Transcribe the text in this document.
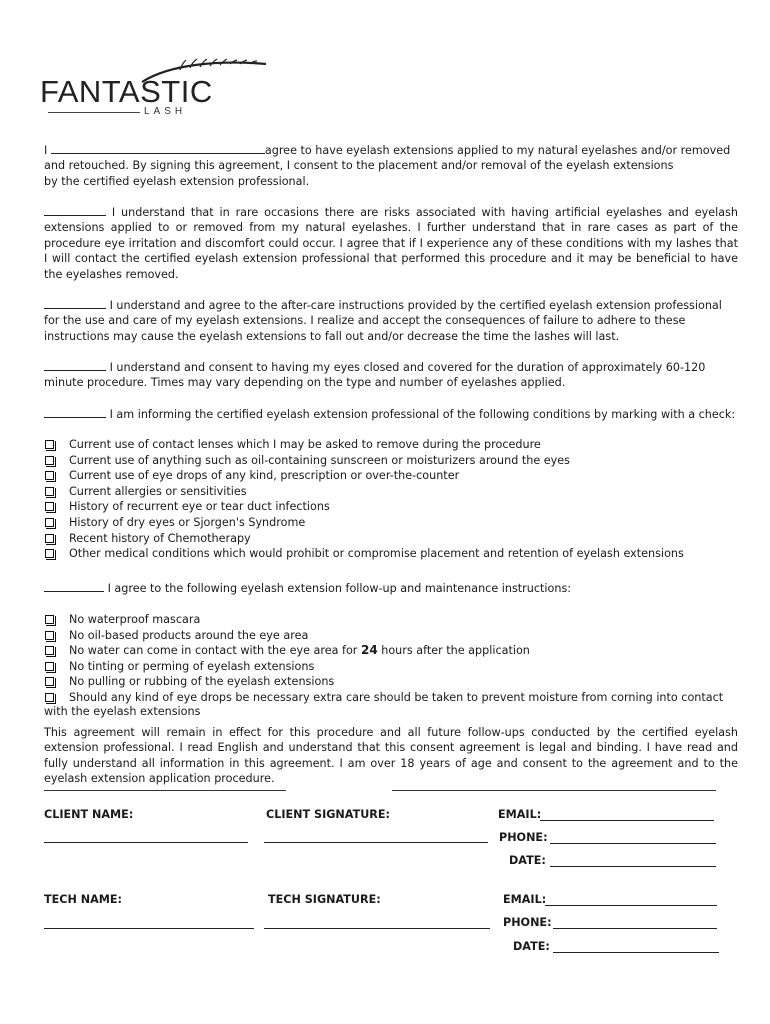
FANTASTIC
LASH
I	agree to have eyelash extensions applied to my natural eyelashes and/or removed
and retouched. By signing this agreement, I consent to the placement and/or removal of the eyelash extensions
by the certified eyelash extension professional.
I understand that in rare occasions there are risks associated with having artificial eyelashes and eyelash extensions applied to or removed from my natural eyelashes. I further understand that in rare cases as part of the procedure eye irritation and discomfort could occur. I agree that if I experience any of these conditions with my lashes that I will contact the certified eyelash extension professional that performed this procedure and it may be beneficial to have the eyelashes removed.
I understand and agree to the after-care instructions provided by the certified eyelash extension professional for the use and care of my eyelash extensions. I realize and accept the consequences of failure to adhere to these instructions may cause the eyelash extensions to fall out and/or decrease the time the lashes will last.
I understand and consent to having my eyes closed and covered for the duration of approximately 60-120 minute procedure. Times may vary depending on the type and number of eyelashes applied.
I am informing the certified eyelash extension professional of the following conditions by marking with a check:
Current use of contact lenses which I may be asked to remove during the procedure
Current use of anything such as oil-containing sunscreen or moisturizers around the eyes
Current use of eye drops of any kind, prescription or over-the-counter
Current allergies or sensitivities
History of recurrent eye or tear duct infections
History of dry eyes or Sjorgen's Syndrome
Recent history of Chemotherapy
Other medical conditions which would prohibit or compromise placement and retention of eyelash extensions
I agree to the following eyelash extension follow-up and maintenance instructions:
No waterproof mascara
No oil-based products around the eye area
No water can come in contact with the eye area for 24 hours after the application
No tinting or perming of eyelash extensions
No pulling or rubbing of the eyelash extensions
Should any kind of eye drops be necessary extra care should be taken to prevent moisture from corning into contact
with the eyelash extensions
This agreement will remain in effect for this procedure and all future follow-ups conducted by the certified eyelash extension professional. I read English and understand that this consent agreement is legal and binding. I have read and fully understand all information in this agreement. I am over 18 years of age and consent to the agreement and to the eyelash extension application procedure.
CLIENT NAME:	CLIENT SIGNATURE:	EMAIL:
PHONE:
DATE:
TECH NAME:	TECH SIGNATURE:	EMAIL:
PHONE:
DATE:
